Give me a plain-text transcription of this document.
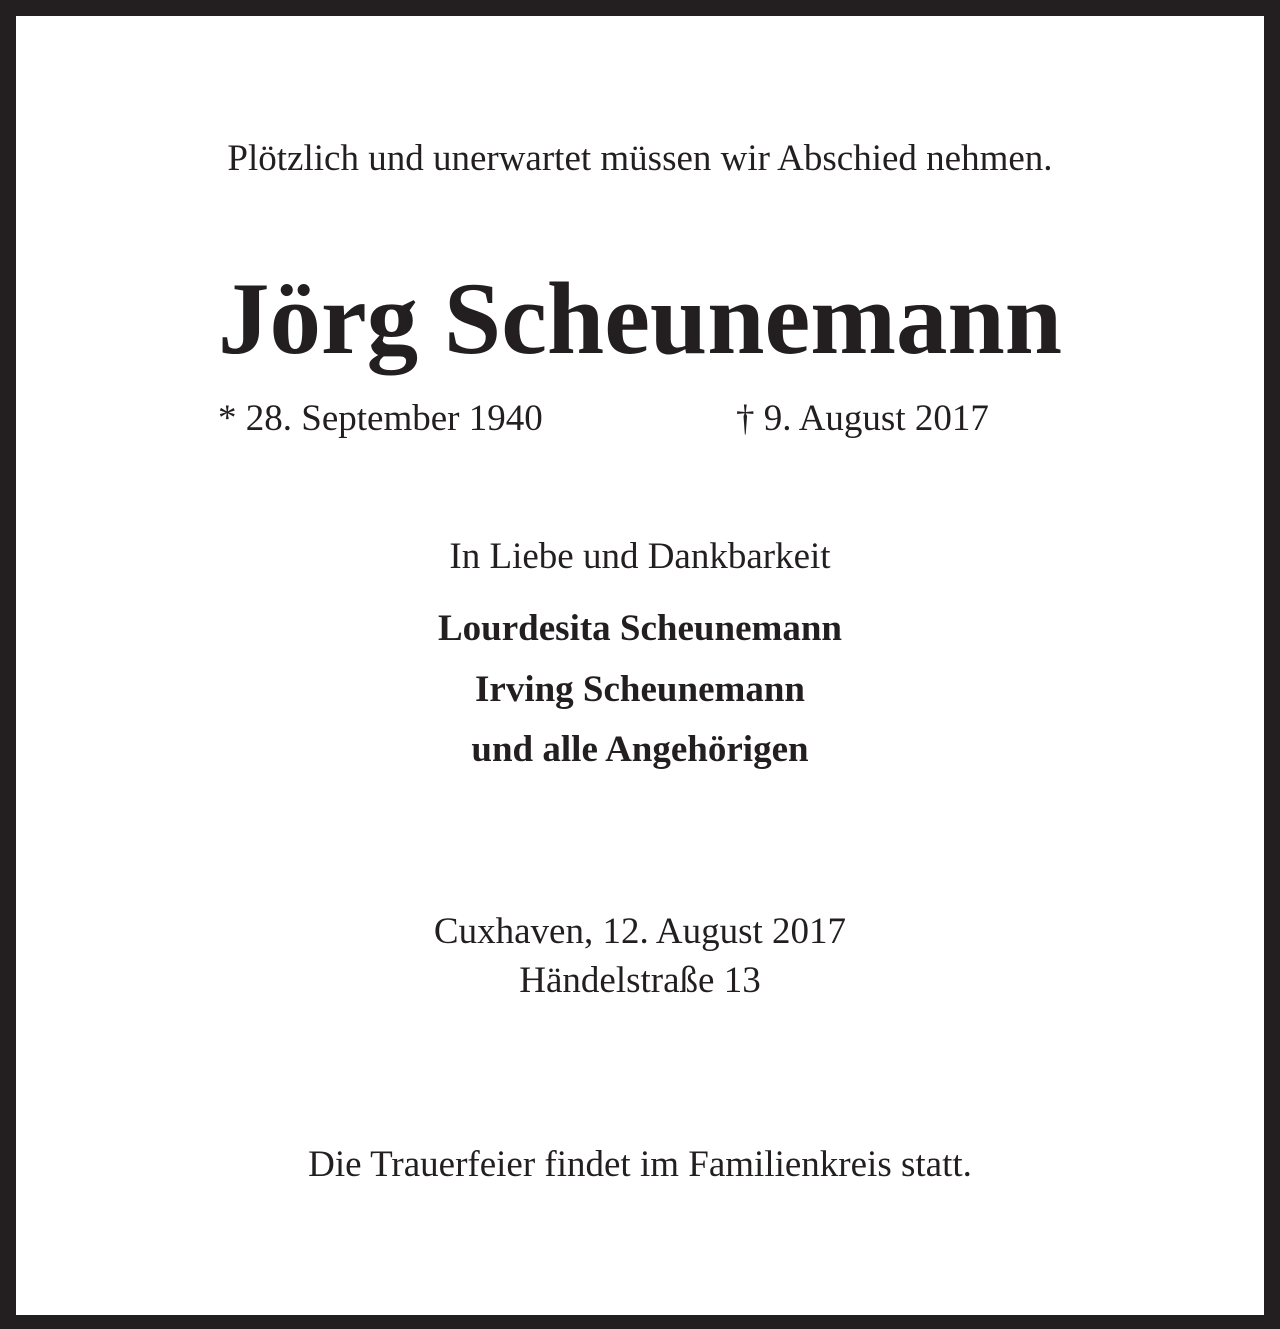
Plötzlich und unerwartet müssen wir Abschied nehmen.
Jörg Scheunemann
* 28. September 1940	† 9. August 2017
In Liebe und Dankbarkeit
Lourdesita Scheunemann
Irving Scheunemann
und alle Angehörigen
Cuxhaven, 12. August 2017
Händelstraße 13
Die Trauerfeier findet im Familienkreis statt.
